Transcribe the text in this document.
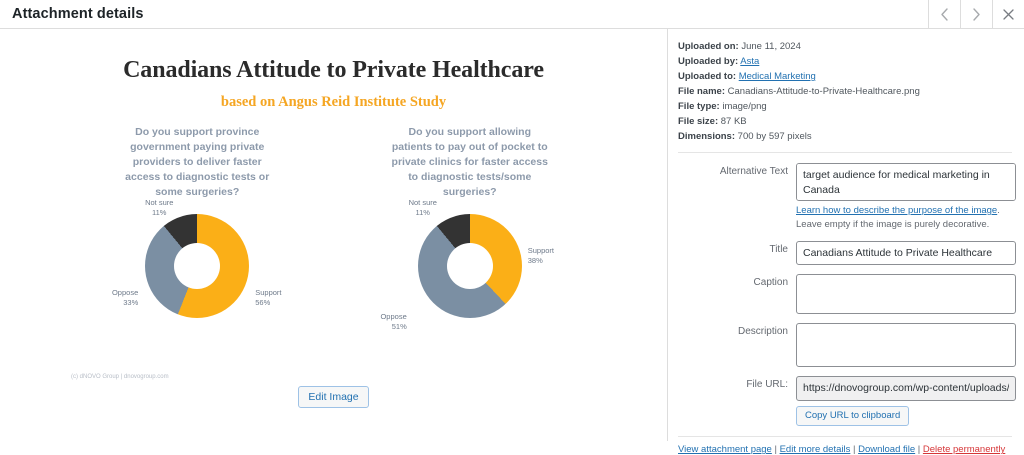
Attachment details
Canadians Attitude to Private Healthcare
based on Angus Reid Institute Study
Do you support province government paying private providers to deliver faster access to diagnostic tests or some surgeries?
Not sure
11%
Oppose
33%
Support
56%
Do you support allowing patients to pay out of pocket to private clinics for faster access to diagnostic tests/some surgeries?
Not sure
11%
Oppose
51%
Support
38%
(c) dNOVO Group | dnovogroup.com
Edit Image
Uploaded on: June 11, 2024
Uploaded by: Asta
Uploaded to: Medical Marketing
File name: Canadians-Attitude-to-Private-Healthcare.png
File type: image/png
File size: 87 KB
Dimensions: 700 by 597 pixels
Alternative Text
target audience for medical marketing in Canada
Learn how to describe the purpose of the image. Leave empty if the image is purely decorative.
Title
Canadians Attitude to Private Healthcare
Caption
Description
File URL:
https://dnovogroup.com/wp-content/uploads/2024/06/ Copy URL to clipboard
View attachment page | Edit more details | Download file | Delete permanently
